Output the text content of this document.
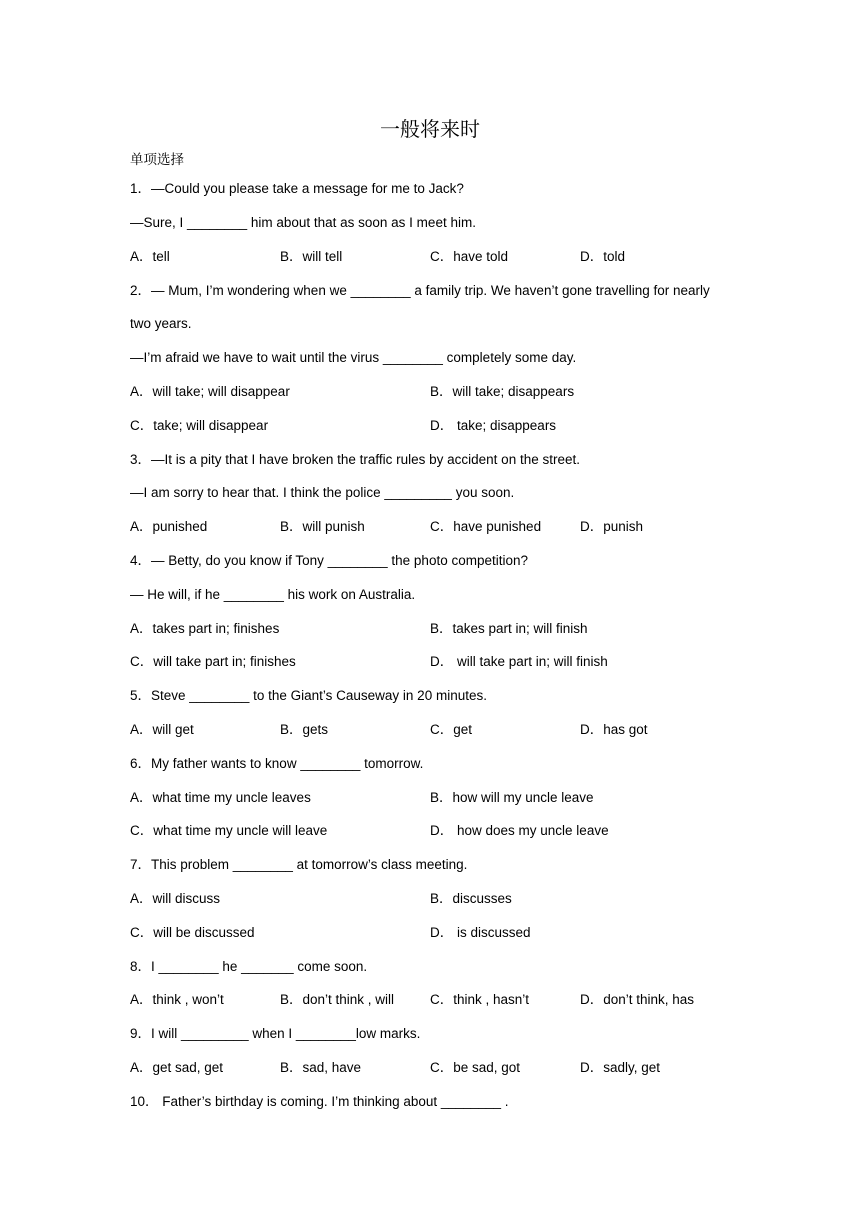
一般将来时
单项选择
1．—Could you please take a message for me to Jack?
—Sure, I ________ him about that as soon as I meet him.
A．tell	B．will tell	C．have told	D．told
2．— Mum, I’m wondering when we ________ a family trip. We haven’t gone travelling for nearly
two years.
—I’m afraid we have to wait until the virus ________ completely some day.
A．will take; will disappear	B．will take; disappears
C．take; will disappear	D． take; disappears
3．—It is a pity that I have broken the traffic rules by accident on the street.
—I am sorry to hear that. I think the police _________ you soon.
A．punished	B．will punish	C．have punished	D．punish
4．— Betty, do you know if Tony ________ the photo competition?
— He will, if he ________ his work on Australia.
A．takes part in; finishes	B．takes part in; will finish
C．will take part in; finishes	D． will take part in; will finish
5．Steve ________ to the Giant’s Causeway in 20 minutes.
A．will get	B．gets	C．get	D．has got
6．My father wants to know ________ tomorrow.
A．what time my uncle leaves	B．how will my uncle leave
C．what time my uncle will leave	D． how does my uncle leave
7．This problem ________ at tomorrow’s class meeting.
A．will discuss	B．discusses
C．will be discussed	D． is discussed
8．I ________ he _______ come soon.
A．think , won’t	B．don’t think , will	C．think , hasn’t	D．don’t think, has
9．I will _________ when I ________low marks.
A．get sad, get	B．sad, have	C．be sad, got	D．sadly, get
10． Father’s birthday is coming. I’m thinking about ________ .
